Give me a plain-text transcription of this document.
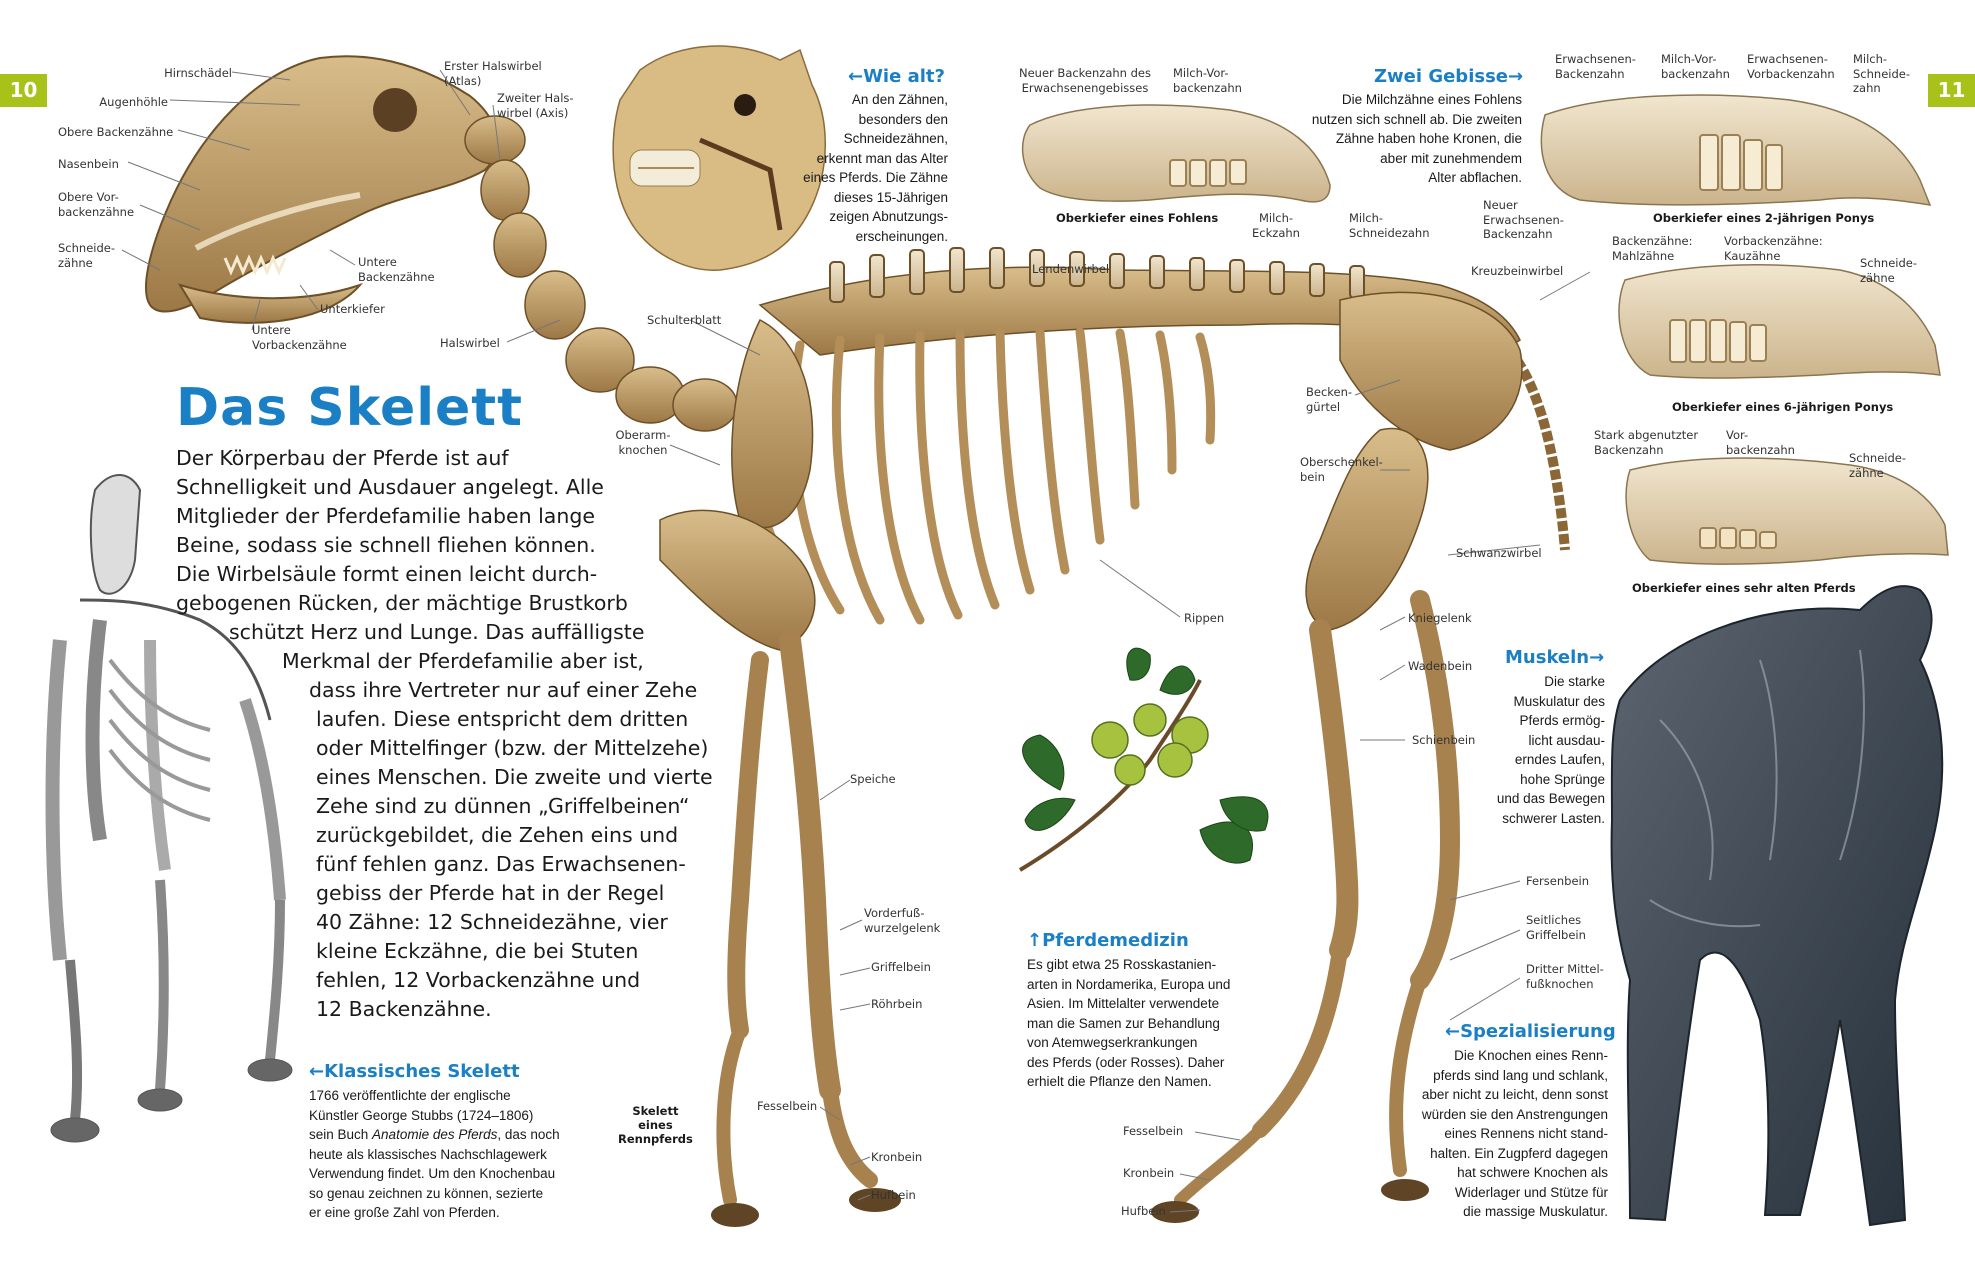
10	11
Hirnschädel
Augenhöhle
Obere Backenzähne
Nasenbein
Obere Vor-
backenzähne
Schneide-
zähne	Untere
Backenzähne
Unterkiefer
Untere
Vorbackenzähne
Erster Halswirbel
(Atlas)
Zweiter Hals-
wirbel (Axis)
Halswirbel
←Wie alt?
An den Zähnen,
besonders den
Schneidezähnen,
erkennt man das Alter
eines Pferds. Die Zähne
dieses 15-Jährigen
zeigen Abnutzungs-
erscheinungen.
Das Skelett
Der Körperbau der Pferde ist auf
Schnelligkeit und Ausdauer angelegt. Alle
Mitglieder der Pferdefamilie haben lange
Beine, sodass sie schnell fliehen können.
Die Wirbelsäule formt einen leicht durch-
gebogenen Rücken, der mächtige Brustkorb
schützt Herz und Lunge. Das auffälligste
Merkmal der Pferdefamilie aber ist,
dass ihre Vertreter nur auf einer Zehe
laufen. Diese entspricht dem dritten
oder Mittelfinger (bzw. der Mittelzehe)
eines Menschen. Die zweite und vierte
Zehe sind zu dünnen „Griffelbeinen“
zurückgebildet, die Zehen eins und
fünf fehlen ganz. Das Erwachsenen-
gebiss der Pferde hat in der Regel
40 Zähne: 12 Schneidezähne, vier
kleine Eckzähne, die bei Stuten
fehlen, 12 Vorbackenzähne und
12 Backenzähne.
←Klassisches Skelett
1766 veröffentlichte der englische
Künstler George Stubbs (1724–1806)
sein Buch Anatomie des Pferds, das noch
heute als klassisches Nachschlagewerk
Verwendung findet. Um den Knochenbau
so genau zeichnen zu können, sezierte
er eine große Zahl von Pferden.
Schulterblatt
Oberarm-
knochen
Lendenwirbel	Kreuzbeinwirbel
Becken-
gürtel
Oberschenkel-
bein
Schwanzwirbel
Rippen	Kniegelenk
Wadenbein
Schienbein
Speiche
Vorderfuß-
wurzelgelenk
Griffelbein
Röhrbein
Fesselbein
Kronbein
Hufbein
Fesselbein
Kronbein
Hufbein
Fersenbein
Seitliches
Griffelbein
Dritter Mittel-
fußknochen
Skelett
eines
Rennpferds
Zwei Gebisse→
Die Milchzähne eines Fohlens
nutzen sich schnell ab. Die zweiten
Zähne haben hohe Kronen, die
aber mit zunehmendem
Alter abflachen.
Neuer Backenzahn des
Erwachsenengebisses
Milch-Vor-
backenzahn
Milch-
Eckzahn
Milch-
Schneidezahn
Oberkiefer eines Fohlens
Erwachsenen-
Backenzahn
Milch-Vor-
backenzahn
Erwachsenen-
Vorbackenzahn
Milch-
Schneide-
zahn
Neuer
Erwachsenen-
Backenzahn
Oberkiefer eines 2-jährigen Ponys
Backenzähne:
Mahlzähne
Vorbackenzähne:
Kauzähne
Schneide-
zähne
Oberkiefer eines 6-jährigen Ponys
Stark abgenutzter
Backenzahn
Vor-
backenzahn
Schneide-
zähne
Oberkiefer eines sehr alten Pferds
Muskeln→
Die starke
Muskulatur des
Pferds ermög-
licht ausdau-
erndes Laufen,
hohe Sprünge
und das Bewegen
schwerer Lasten.
↑Pferdemedizin
Es gibt etwa 25 Rosskastanien-
arten in Nordamerika, Europa und
Asien. Im Mittelalter verwendete
man die Samen zur Behandlung
von Atemwegserkrankungen
des Pferds (oder Rosses). Daher
erhielt die Pflanze den Namen.
←Spezialisierung
Die Knochen eines Renn-
pferds sind lang und schlank,
aber nicht zu leicht, denn sonst
würden sie den Anstrengungen
eines Rennens nicht stand-
halten. Ein Zugpferd dagegen
hat schwere Knochen als
Widerlager und Stütze für
die massige Muskulatur.
